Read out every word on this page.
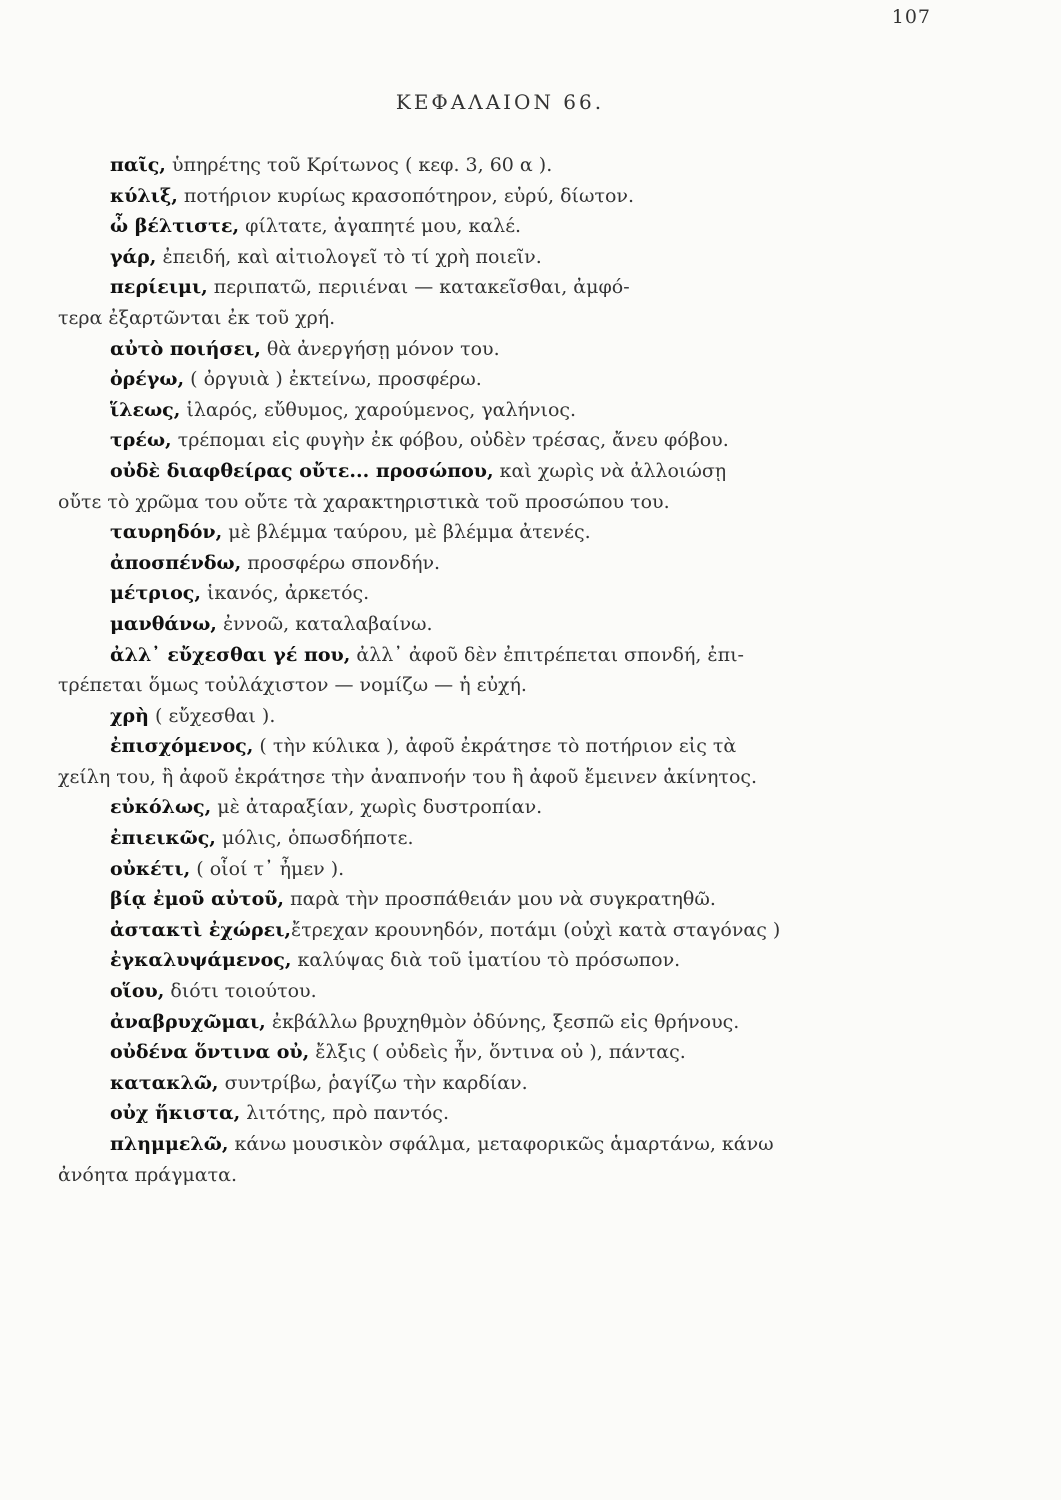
107
ΚΕΦΑΛΑΙΟΝ 66.
παῖς, ὑπηρέτης τοῦ Κρίτωνος ( κεφ. 3, 60 α ).
κύλιξ, ποτήριον κυρίως κρασοπότηρον, εὐρύ, δίωτον.
ὦ βέλτιστε, φίλτατε, ἀγαπητέ μου, καλέ.
γάρ, ἐπειδή, καὶ αἰτιολογεῖ τὸ τί χρὴ ποιεῖν.
περίειμι, περιπατῶ, περιιέναι — κατακεῖσθαι, ἀμφό-
τερα ἐξαρτῶνται ἐκ τοῦ χρή.
αὐτὸ ποιήσει, θὰ ἀνεργήσῃ μόνον του.
ὀρέγω, ( ὀργυιὰ ) ἐκτείνω, προσφέρω.
ἵλεως, ἱλαρός, εὔθυμος, χαρούμενος, γαλήνιος.
τρέω, τρέπομαι εἰς φυγὴν ἐκ φόβου, οὐδὲν τρέσας, ἄνευ φόβου.
οὐδὲ διαφθείρας οὔτε... προσώπου, καὶ χωρὶς νὰ ἀλλοιώσῃ
οὔτε τὸ χρῶμα του οὔτε τὰ χαρακτηριστικὰ τοῦ προσώπου του.
ταυρηδόν, μὲ βλέμμα ταύρου, μὲ βλέμμα ἀτενές.
ἀποσπένδω, προσφέρω σπονδήν.
μέτριος, ἱκανός, ἀρκετός.
μανθάνω, ἐννοῶ, καταλαβαίνω.
ἀλλ᾽ εὔχεσθαι γέ που, ἀλλ᾽ ἀφοῦ δὲν ἐπιτρέπεται σπονδή, ἐπι-
τρέπεται ὅμως τοὐλάχιστον — νομίζω — ἡ εὐχή.
χρὴ ( εὔχεσθαι ).
ἐπισχόμενος, ( τὴν κύλικα ), ἀφοῦ ἐκράτησε τὸ ποτήριον εἰς τὰ
χείλη του, ἢ ἀφοῦ ἐκράτησε τὴν ἀναπνοήν του ἢ ἀφοῦ ἔμεινεν ἀκίνητος.
εὐκόλως, μὲ ἀταραξίαν, χωρὶς δυστροπίαν.
ἐπιεικῶς, μόλις, ὁπωσδήποτε.
οὐκέτι, ( οἷοί τ᾽ ἦμεν ).
βίᾳ ἐμοῦ αὐτοῦ, παρὰ τὴν προσπάθειάν μου νὰ συγκρατηθῶ.
ἀστακτὶ ἐχώρει,ἔτρεχαν κρουνηδόν, ποτάμι (οὐχὶ κατὰ σταγόνας )
ἐγκαλυψάμενος, καλύψας διὰ τοῦ ἱματίου τὸ πρόσωπον.
οἵου, διότι τοιούτου.
ἀναβρυχῶμαι, ἐκβάλλω βρυχηθμὸν ὀδύνης, ξεσπῶ εἰς θρήνους.
οὐδένα ὅντινα οὐ, ἔλξις ( οὐδεὶς ἦν, ὅντινα οὐ ), πάντας.
κατακλῶ, συντρίβω, ῥαγίζω τὴν καρδίαν.
οὐχ ἥκιστα, λιτότης, πρὸ παντός.
πλημμελῶ, κάνω μουσικὸν σφάλμα, μεταφορικῶς ἁμαρτάνω, κάνω
ἀνόητα πράγματα.
